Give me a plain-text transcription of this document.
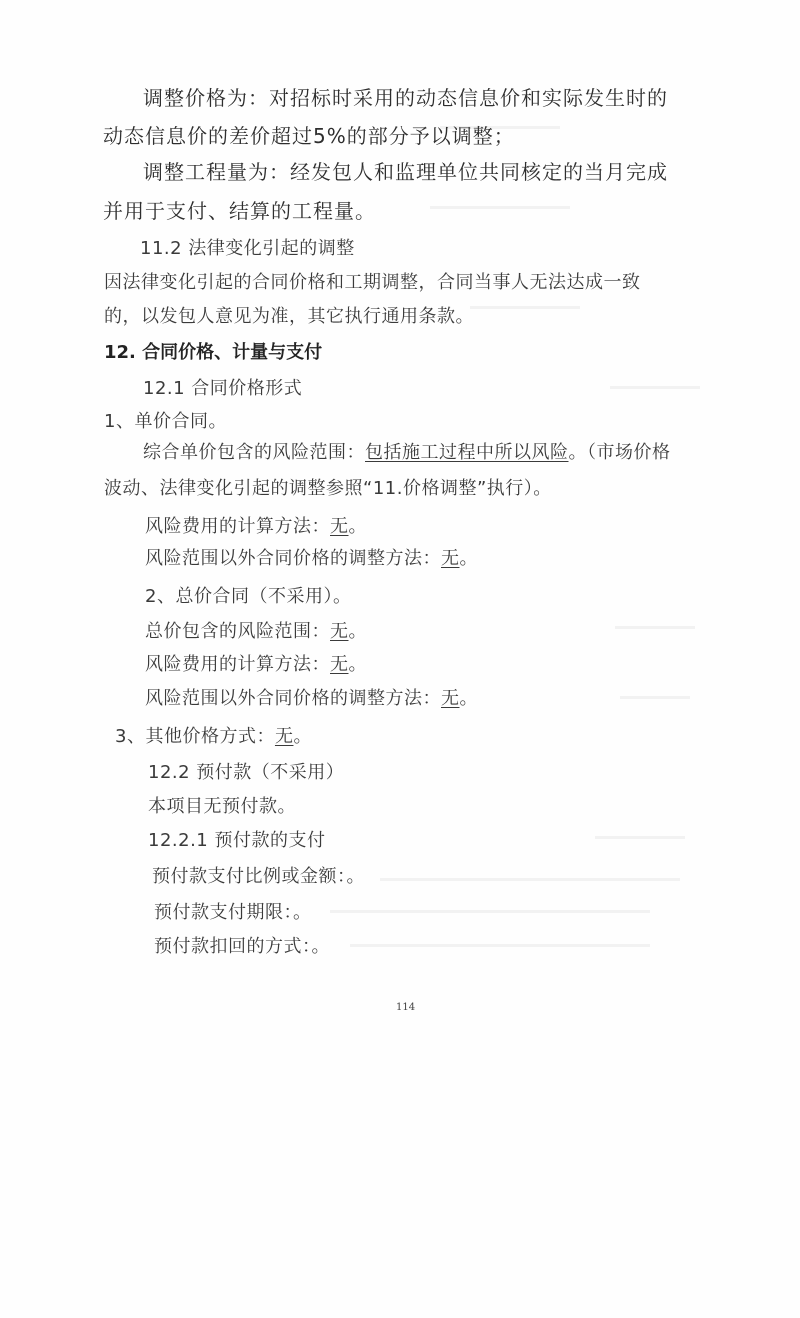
调整价格为：对招标时采用的动态信息价和实际发生时的
动态信息价的差价超过5%的部分予以调整；
调整工程量为：经发包人和监理单位共同核定的当月完成
并用于支付、结算的工程量。
11.2 法律变化引起的调整
因法律变化引起的合同价格和工期调整，合同当事人无法达成一致
的，以发包人意见为准，其它执行通用条款。
12. 合同价格、计量与支付
12.1 合同价格形式
1、单价合同。
综合单价包含的风险范围：包括施工过程中所以风险。（市场价格
波动、法律变化引起的调整参照“11.价格调整”执行）。
风险费用的计算方法：无。
风险范围以外合同价格的调整方法：无。
2、总价合同（不采用）。
总价包含的风险范围：无。
风险费用的计算方法：无。
风险范围以外合同价格的调整方法：无。
3、其他价格方式：无。
12.2 预付款（不采用）
本项目无预付款。
12.2.1 预付款的支付
预付款支付比例或金额：。
预付款支付期限：。
预付款扣回的方式：。
114
